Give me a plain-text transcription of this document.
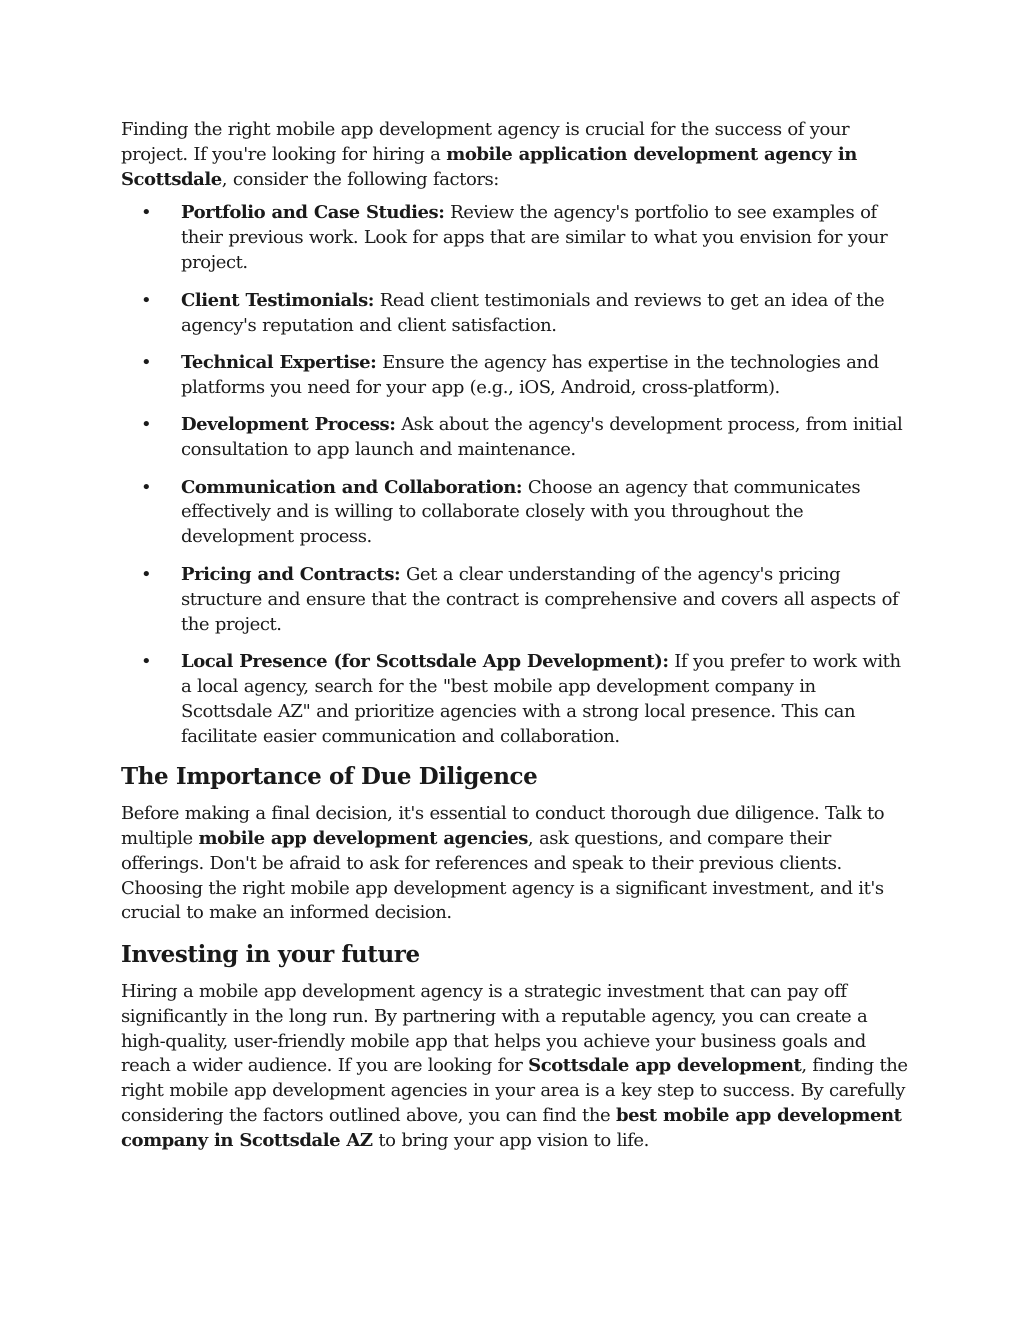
Finding the right mobile app development agency is crucial for the success of your project. If you're looking for hiring a mobile application development agency in Scottsdale, consider the following factors:

• Portfolio and Case Studies: Review the agency's portfolio to see examples of their previous work. Look for apps that are similar to what you envision for your project.

• Client Testimonials: Read client testimonials and reviews to get an idea of the agency's reputation and client satisfaction.

• Technical Expertise: Ensure the agency has expertise in the technologies and platforms you need for your app (e.g., iOS, Android, cross-platform).

• Development Process: Ask about the agency's development process, from initial consultation to app launch and maintenance.

• Communication and Collaboration: Choose an agency that communicates effectively and is willing to collaborate closely with you throughout the development process.

• Pricing and Contracts: Get a clear understanding of the agency's pricing structure and ensure that the contract is comprehensive and covers all aspects of the project.

• Local Presence (for Scottsdale App Development): If you prefer to work with a local agency, search for the "best mobile app development company in Scottsdale AZ" and prioritize agencies with a strong local presence. This can facilitate easier communication and collaboration.

The Importance of Due Diligence

Before making a final decision, it's essential to conduct thorough due diligence. Talk to multiple mobile app development agencies, ask questions, and compare their offerings. Don't be afraid to ask for references and speak to their previous clients. Choosing the right mobile app development agency is a significant investment, and it's crucial to make an informed decision.

Investing in your future

Hiring a mobile app development agency is a strategic investment that can pay off significantly in the long run. By partnering with a reputable agency, you can create a high-quality, user-friendly mobile app that helps you achieve your business goals and reach a wider audience. If you are looking for Scottsdale app development, finding the right mobile app development agencies in your area is a key step to success. By carefully considering the factors outlined above, you can find the best mobile app development company in Scottsdale AZ to bring your app vision to life.
